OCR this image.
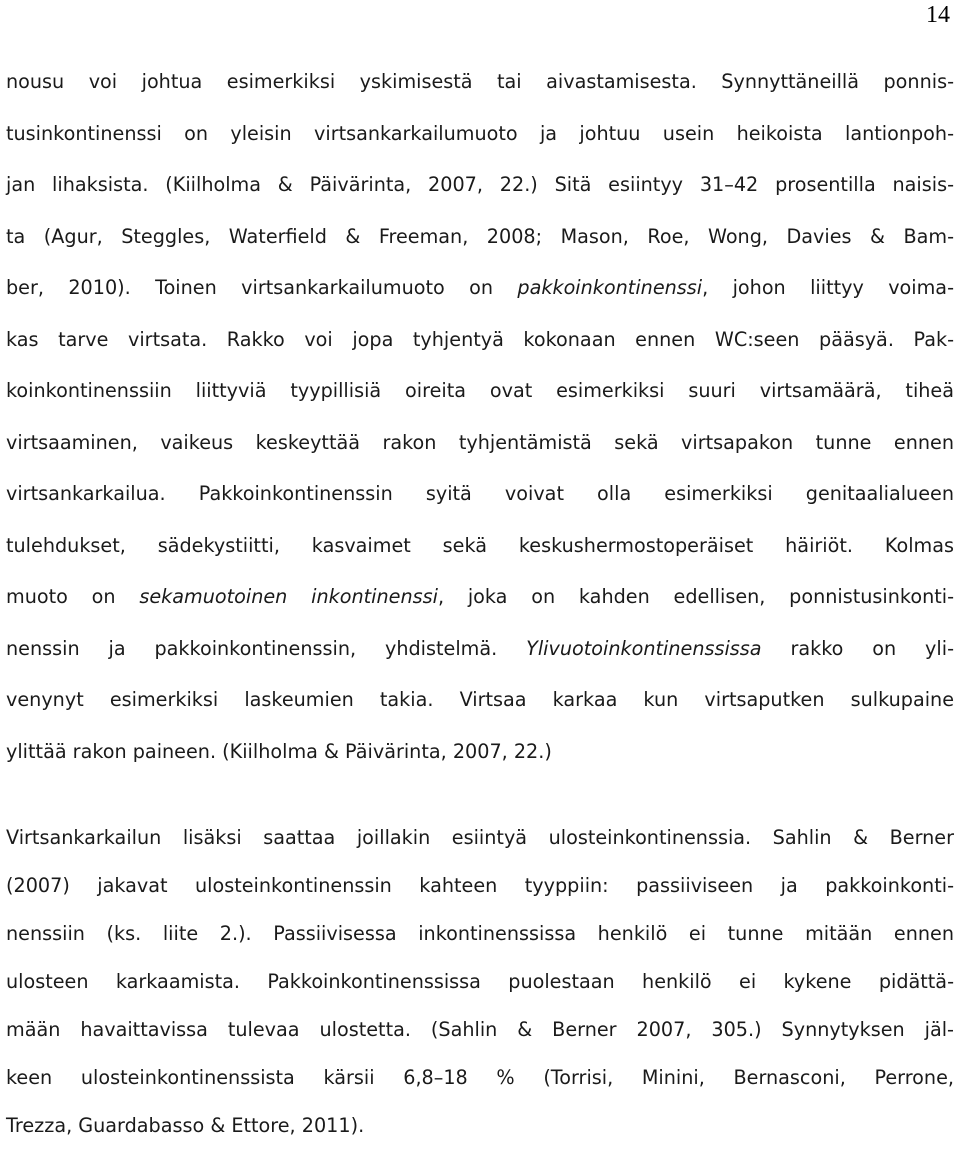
14

nousu voi johtua esimerkiksi yskimisestä tai aivastamisesta. Synnyttäneillä ponnis-
tusinkontinenssi on yleisin virtsankarkailumuoto ja johtuu usein heikoista lantionpoh-
jan lihaksista. (Kiilholma & Päivärinta, 2007, 22.) Sitä esiintyy 31–42 prosentilla naisis-
ta (Agur, Steggles, Waterfield & Freeman, 2008; Mason, Roe, Wong, Davies & Bam-
ber, 2010). Toinen virtsankarkailumuoto on pakkoinkontinenssi, johon liittyy voima-
kas tarve virtsata. Rakko voi jopa tyhjentyä kokonaan ennen WC:seen pääsyä. Pak-
koinkontinenssiin liittyviä tyypillisiä oireita ovat esimerkiksi suuri virtsamäärä, tiheä
virtsaaminen, vaikeus keskeyttää rakon tyhjentämistä sekä virtsapakon tunne ennen
virtsankarkailua. Pakkoinkontinenssin syitä voivat olla esimerkiksi genitaalialueen
tulehdukset, sädekystiitti, kasvaimet sekä keskushermostoperäiset häiriöt. Kolmas
muoto on sekamuotoinen inkontinenssi, joka on kahden edellisen, ponnistusinkonti-
nenssin ja pakkoinkontinenssin, yhdistelmä. Ylivuotoinkontinenssissa rakko on yli-
venynyt esimerkiksi laskeumien takia. Virtsaa karkaa kun virtsaputken sulkupaine
ylittää rakon paineen. (Kiilholma & Päivärinta, 2007, 22.)
Virtsankarkailun lisäksi saattaa joillakin esiintyä ulosteinkontinenssia. Sahlin & Berner
(2007) jakavat ulosteinkontinenssin kahteen tyyppiin: passiiviseen ja pakkoinkonti-
nenssiin (ks. liite 2.). Passiivisessa inkontinenssissa henkilö ei tunne mitään ennen
ulosteen karkaamista. Pakkoinkontinenssissa puolestaan henkilö ei kykene pidättä-
mään havaittavissa tulevaa ulostetta. (Sahlin & Berner 2007, 305.) Synnytyksen jäl-
keen ulosteinkontinenssista kärsii 6,8–18 % (Torrisi, Minini, Bernasconi, Perrone,
Trezza, Guardabasso & Ettore, 2011).
